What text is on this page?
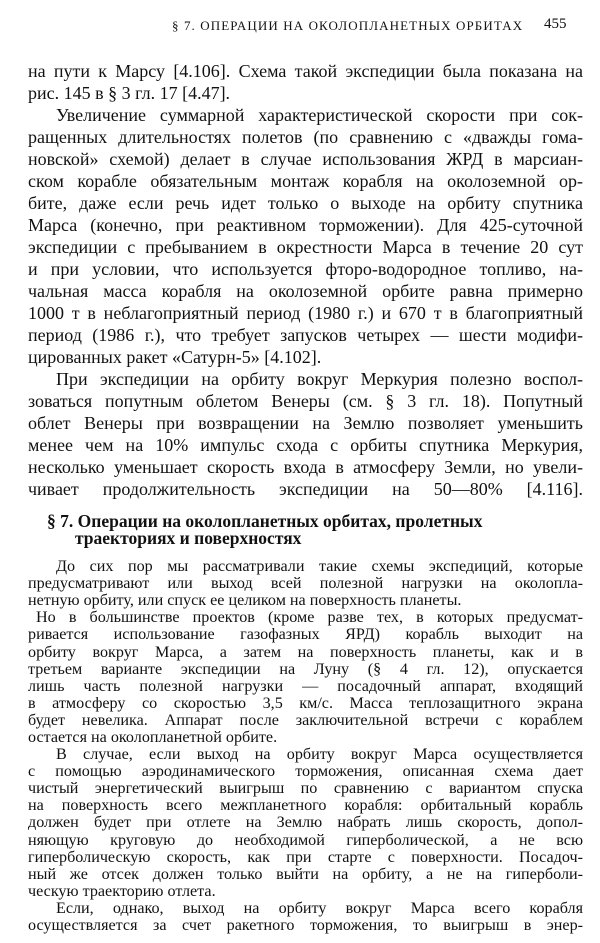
§ 7. ОПЕРАЦИИ НА ОКОЛОПЛАНЕТНЫХ ОРБИТАХ 455
на пути к Марсу [4.106]. Схема такой экспедиции была показана на
рис. 145 в § 3 гл. 17 [4.47].
Увеличение суммарной характеристической скорости при сок-
ращенных длительностях полетов (по сравнению с «дважды гома-
новской» схемой) делает в случае использования ЖРД в марсиан-
ском корабле обязательным монтаж корабля на околоземной ор-
бите, даже если речь идет только о выходе на орбиту спутника
Марса (конечно, при реактивном торможении). Для 425-суточной
экспедиции с пребыванием в окрестности Марса в течение 20 сут
и при условии, что используется фторо-водородное топливо, на-
чальная масса корабля на околоземной орбите равна примерно
1000 т в неблагоприятный период (1980 г.) и 670 т в благоприятный
период (1986 г.), что требует запусков четырех — шести модифи-
цированных ракет «Сатурн-5» [4.102].
При экспедиции на орбиту вокруг Меркурия полезно воспол-
зоваться попутным облетом Венеры (см. § 3 гл. 18). Попутный
облет Венеры при возвращении на Землю позволяет уменьшить
менее чем на 10% импульс схода с орбиты спутника Меркурия,
несколько уменьшает скорость входа в атмосферу Земли, но увели-
чивает продолжительность экспедиции на 50—80% [4.116].
§ 7. Операции на околопланетных орбитах, пролетных
траекториях и поверхностях
До сих пор мы рассматривали такие схемы экспедиций, которые
предусматривают или выход всей полезной нагрузки на околопла-
нетную орбиту, или спуск ее целиком на поверхность планеты.
Но в большинстве проектов (кроме разве тех, в которых предусмат-
ривается использование газофазных ЯРД) корабль выходит на
орбиту вокруг Марса, а затем на поверхность планеты, как и в
третьем варианте экспедиции на Луну (§ 4 гл. 12), опускается
лишь часть полезной нагрузки — посадочный аппарат, входящий
в атмосферу со скоростью 3,5 км/с. Масса теплозащитного экрана
будет невелика. Аппарат после заключительной встречи с кораблем
остается на околопланетной орбите.
В случае, если выход на орбиту вокруг Марса осуществляется
с помощью аэродинамического торможения, описанная схема дает
чистый энергетический выигрыш по сравнению с вариантом спуска
на поверхность всего межпланетного корабля: орбитальный корабль
должен будет при отлете на Землю набрать лишь скорость, допол-
няющую круговую до необходимой гиперболической, а не всю
гиперболическую скорость, как при старте с поверхности. Посадоч-
ный же отсек должен только выйти на орбиту, а не на гиперболи-
ческую траекторию отлета.
Если, однако, выход на орбиту вокруг Марса всего корабля
осуществляется за счет ракетного торможения, то выигрыш в энер-
